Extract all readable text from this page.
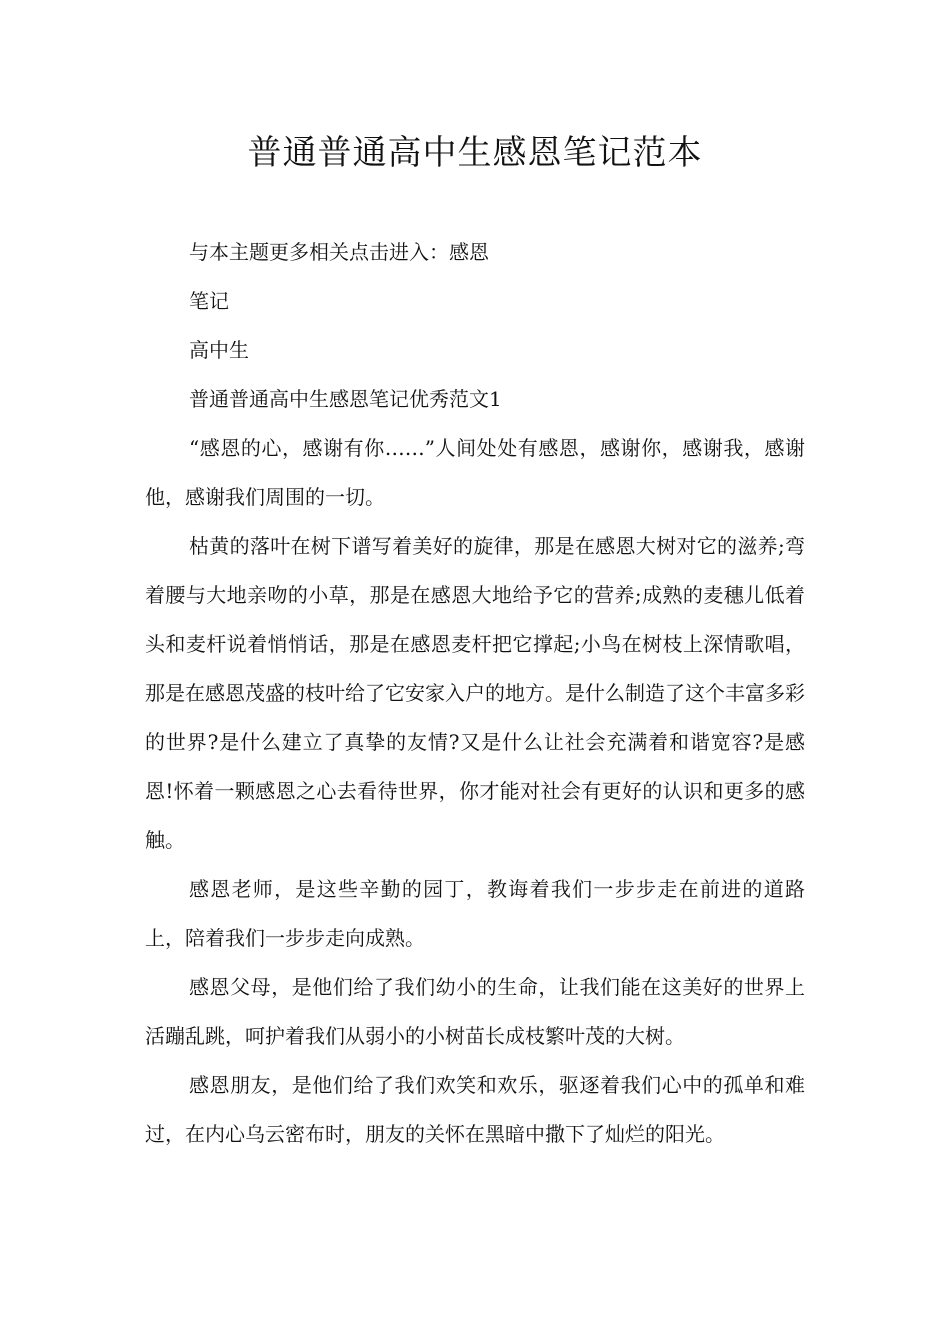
普通普通高中生感恩笔记范本

与本主题更多相关点击进入：感恩

笔记

高中生

普通普通高中生感恩笔记优秀范文1

“感恩的心，感谢有你……”人间处处有感恩，感谢你，感谢我，感谢他，感谢我们周围的一切。

枯黄的落叶在树下谱写着美好的旋律，那是在感恩大树对它的滋养;弯着腰与大地亲吻的小草，那是在感恩大地给予它的营养;成熟的麦穗儿低着头和麦杆说着悄悄话，那是在感恩麦杆把它撑起;小鸟在树枝上深情歌唱，那是在感恩茂盛的枝叶给了它安家入户的地方。是什么制造了这个丰富多彩的世界?是什么建立了真挚的友情?又是什么让社会充满着和谐宽容?是感恩!怀着一颗感恩之心去看待世界，你才能对社会有更好的认识和更多的感触。

感恩老师，是这些辛勤的园丁，教诲着我们一步步走在前进的道路上，陪着我们一步步走向成熟。

感恩父母，是他们给了我们幼小的生命，让我们能在这美好的世界上活蹦乱跳，呵护着我们从弱小的小树苗长成枝繁叶茂的大树。

感恩朋友，是他们给了我们欢笑和欢乐，驱逐着我们心中的孤单和难过，在内心乌云密布时，朋友的关怀在黑暗中撒下了灿烂的阳光。
